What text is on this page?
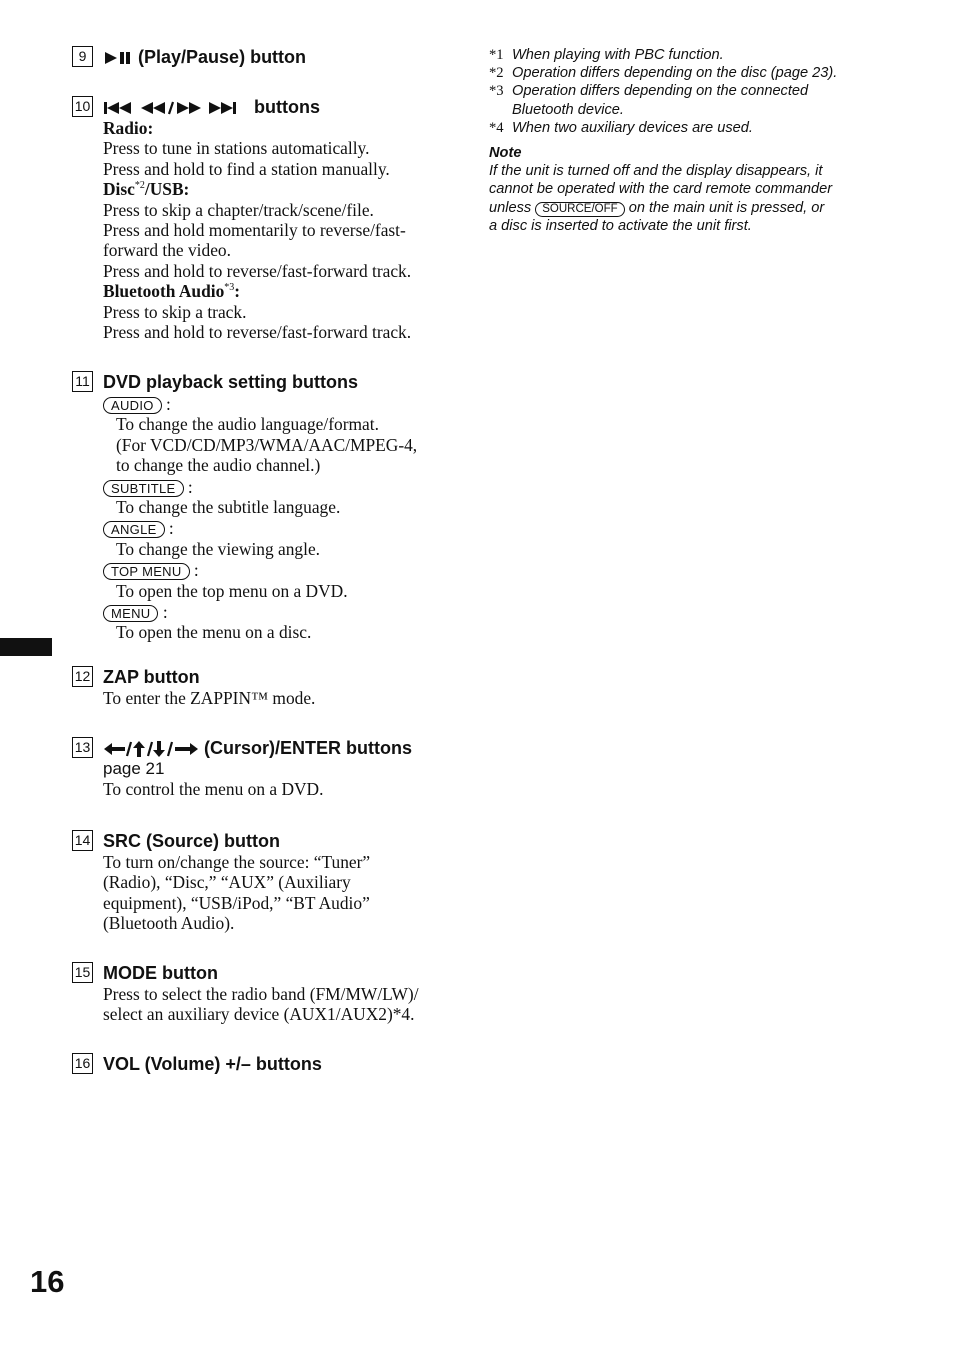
9	(Play/Pause) button
10	buttons
Radio:
Press to tune in stations automatically.
Press and hold to find a station manually.
Disc$^{*2}$/USB:
Press to skip a chapter/track/scene/file.
Press and hold momentarily to reverse/fast-
forward the video.
Press and hold to reverse/fast-forward track.
Bluetooth Audio$^{*3}$:
Press to skip a track.
Press and hold to reverse/fast-forward track.
11 DVD playback setting buttons
AUDIO :
To change the audio language/format.
(For VCD/CD/MP3/WMA/AAC/MPEG-4,
to change the audio channel.)
SUBTITLE :
To change the subtitle language.
ANGLE :
To change the viewing angle.
TOP MENU :
To open the top menu on a DVD.
MENU :
To open the menu on a disc.
12 ZAP button
To enter the ZAPPIN™ mode.
13	(Cursor)/ENTER buttons
page 21
To control the menu on a DVD.
14 SRC (Source) button
To turn on/change the source: “Tuner”
(Radio), “Disc,” “AUX” (Auxiliary
equipment), “USB/iPod,” “BT Audio”
(Bluetooth Audio).
15 MODE button
Press to select the radio band (FM/MW/LW)/
select an auxiliary device (AUX1/AUX2)*4.
16 VOL (Volume) +/– buttons
*1 When playing with PBC function.
*2 Operation differs depending on the disc (page 23).
*3 Operation differs depending on the connected
Bluetooth device.
*4 When two auxiliary devices are used.
Note
If the unit is turned off and the display disappears, it
cannot be operated with the card remote commander
unless SOURCE/OFF on the main unit is pressed, or
a disc is inserted to activate the unit first.
16
